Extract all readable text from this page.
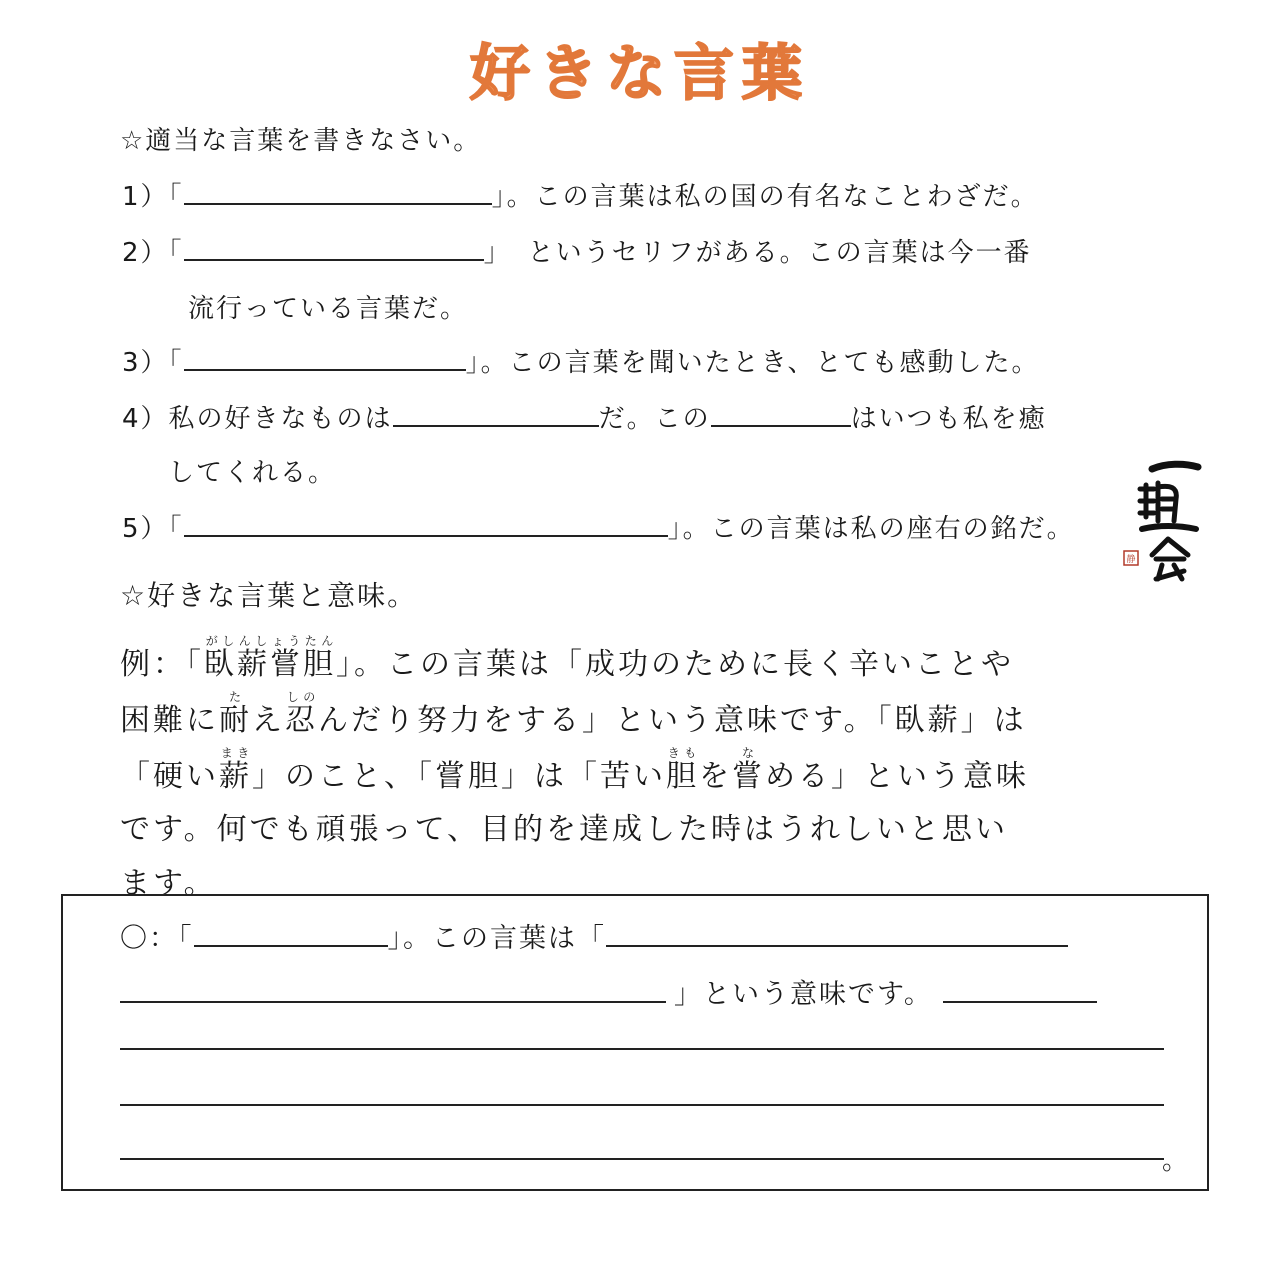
好きな言葉
☆適当な言葉を書きなさい。
1）「	」。この言葉は私の国の有名なことわざだ。
2）「	」 というセリフがある。この言葉は今一番
流行っている言葉だ。
3）「	」。この言葉を聞いたとき、とても感動した。
4）私の好きなものは	だ。この	はいつも私を癒
してくれる。
5）「	」。この言葉は私の座右の銘だ。
静
☆好きな言葉と意味。
例：「臥薪嘗胆がしんしょうたん」。この言葉は「成功のために長く辛いことや
困難に耐たえ忍しのんだり努力をする」という意味です。「臥薪」は
「硬い薪まき」のこと、「嘗胆」は「苦い胆きもを嘗なめる」という意味
です。何でも頑張って、目的を達成した時はうれしいと思い
ます。
〇：「	」。この言葉は「
」という意味です。
。
